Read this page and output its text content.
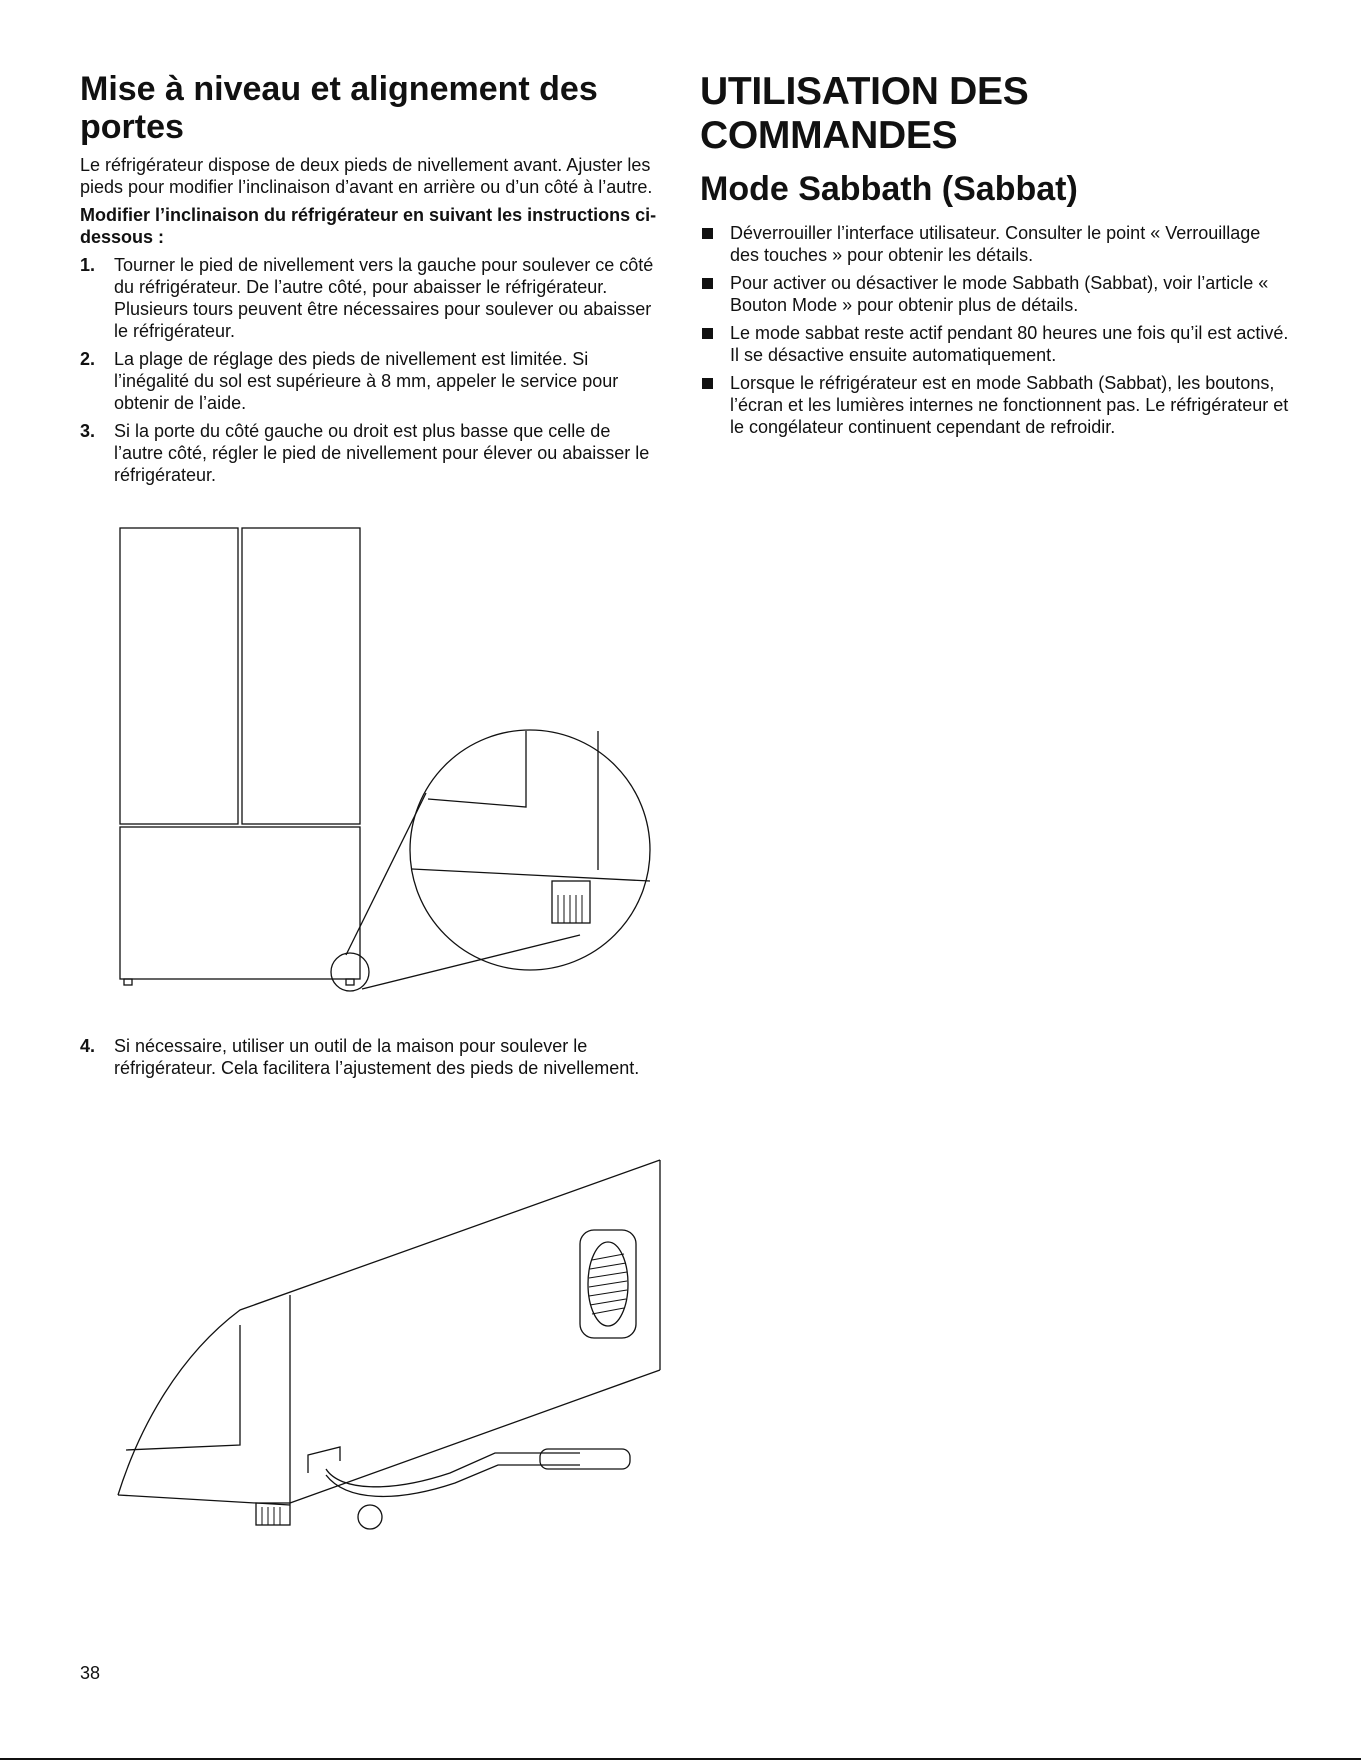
Mise à niveau et alignement des portes

Le réfrigérateur dispose de deux pieds de nivellement avant. Ajuster les pieds pour modifier l’inclinaison d’avant en arrière ou d’un côté à l’autre.

Modifier l’inclinaison du réfrigérateur en suivant les instructions ci-dessous :

1. Tourner le pied de nivellement vers la gauche pour soulever ce côté du réfrigérateur. De l’autre côté, pour abaisser le réfrigérateur. Plusieurs tours peuvent être nécessaires pour soulever ou abaisser le réfrigérateur.
2. La plage de réglage des pieds de nivellement est limitée. Si l’inégalité du sol est supérieure à 8 mm, appeler le service pour obtenir de l’aide.
3. Si la porte du côté gauche ou droit est plus basse que celle de l’autre côté, régler le pied de nivellement pour élever ou abaisser le réfrigérateur.
4. Si nécessaire, utiliser un outil de la maison pour soulever le réfrigérateur. Cela facilitera l’ajustement des pieds de nivellement.
UTILISATION DES COMMANDES
Mode Sabbath (Sabbat)
Déverrouiller l’interface utilisateur. Consulter le point « Verrouillage des touches » pour obtenir les détails.
Pour activer ou désactiver le mode Sabbath (Sabbat), voir l’article « Bouton Mode » pour obtenir plus de détails.
Le mode sabbat reste actif pendant 80 heures une fois qu’il est activé. Il se désactive ensuite automatiquement.
Lorsque le réfrigérateur est en mode Sabbath (Sabbat), les boutons, l’écran et les lumières internes ne fonctionnent pas. Le réfrigérateur et le congélateur continuent cependant de refroidir.
38
